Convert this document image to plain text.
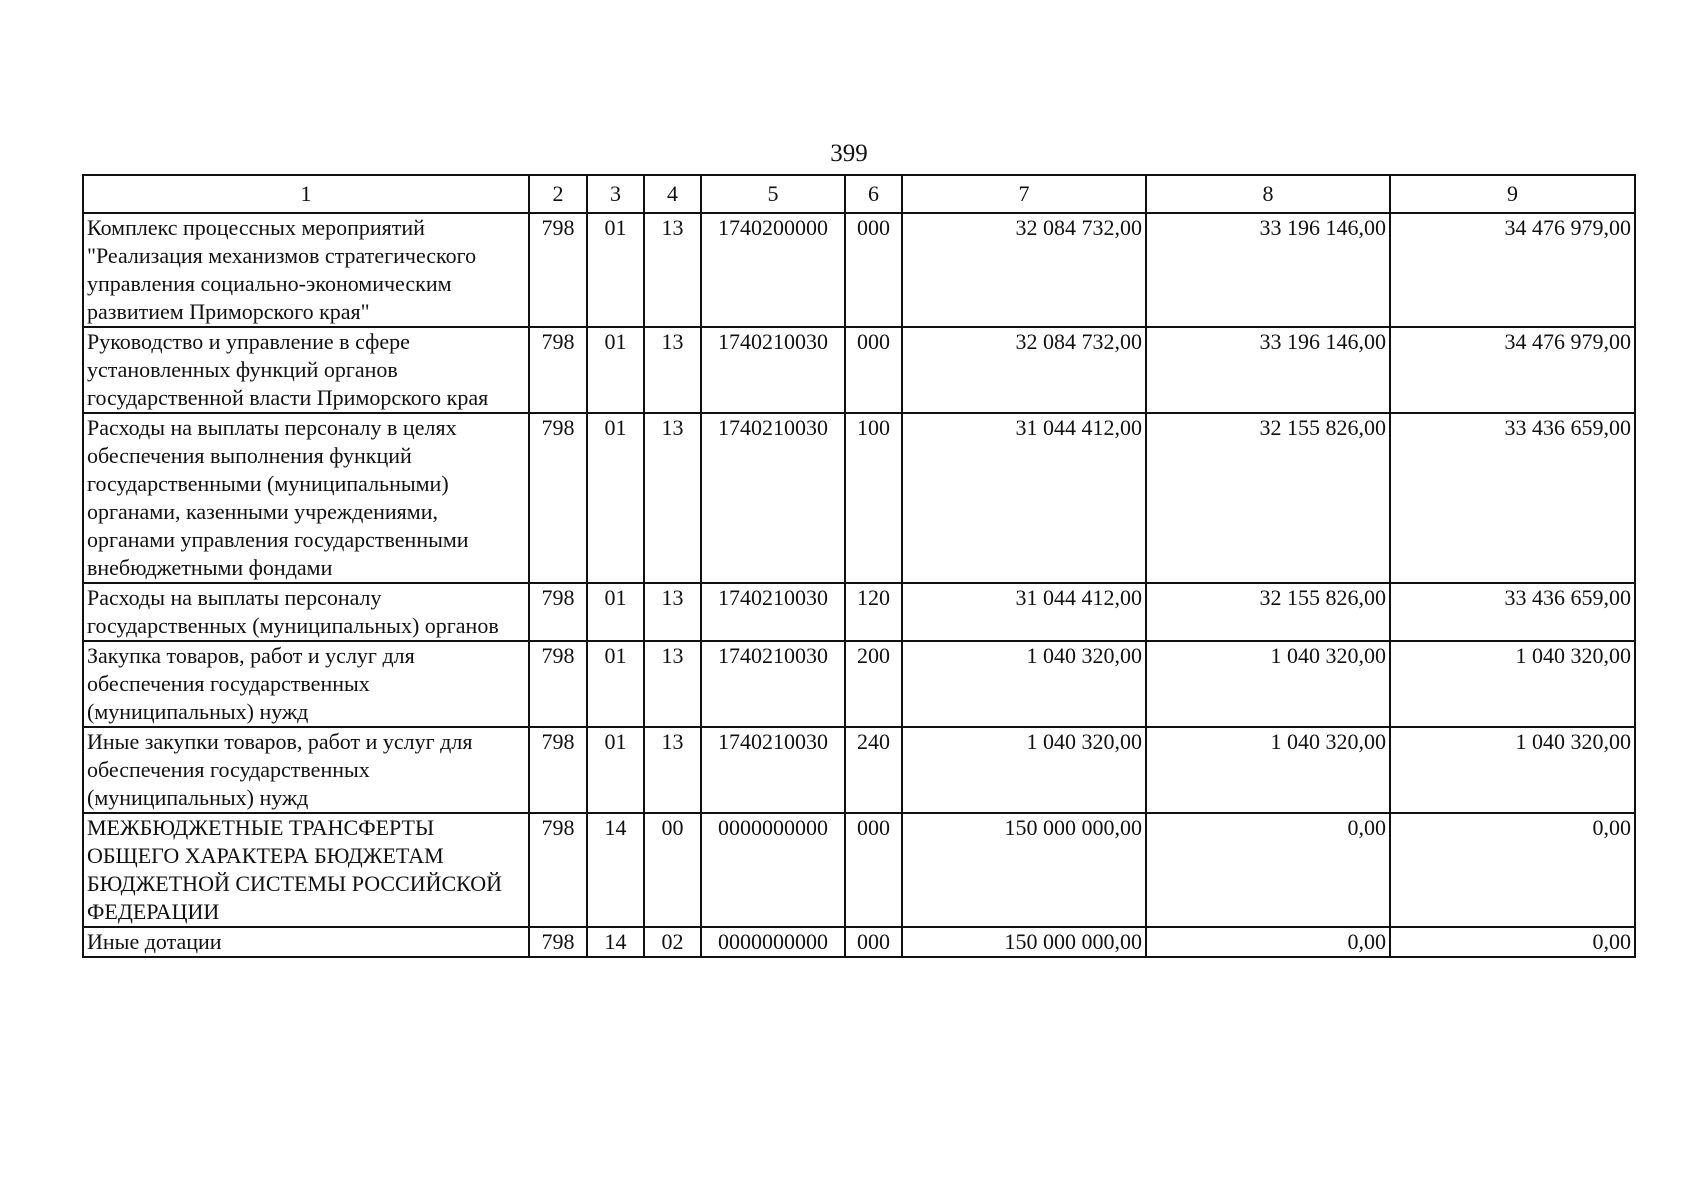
399
1	2	3	4	5	6	7	8	9
Комплекс процессных мероприятий "Реализация механизмов стратегического управления социально-экономическим развитием Приморского края"	798	01	13	1740200000	000	32 084 732,00	33 196 146,00	34 476 979,00
Руководство и управление в сфере установленных функций органов государственной власти Приморского края	798	01	13	1740210030	000	32 084 732,00	33 196 146,00	34 476 979,00
Расходы на выплаты персоналу в целях обеспечения выполнения функций государственными (муниципальными) органами, казенными учреждениями, органами управления государственными внебюджетными фондами	798	01	13	1740210030	100	31 044 412,00	32 155 826,00	33 436 659,00
Расходы на выплаты персоналу государственных (муниципальных) органов	798	01	13	1740210030	120	31 044 412,00	32 155 826,00	33 436 659,00
Закупка товаров, работ и услуг для обеспечения государственных (муниципальных) нужд	798	01	13	1740210030	200	1 040 320,00	1 040 320,00	1 040 320,00
Иные закупки товаров, работ и услуг для обеспечения государственных (муниципальных) нужд	798	01	13	1740210030	240	1 040 320,00	1 040 320,00	1 040 320,00
МЕЖБЮДЖЕТНЫЕ ТРАНСФЕРТЫ ОБЩЕГО ХАРАКТЕРА БЮДЖЕТАМ БЮДЖЕТНОЙ СИСТЕМЫ РОССИЙСКОЙ ФЕДЕРАЦИИ	798	14	00	0000000000	000	150 000 000,00	0,00	0,00
Иные дотации	798	14	02	0000000000	000	150 000 000,00	0,00	0,00
